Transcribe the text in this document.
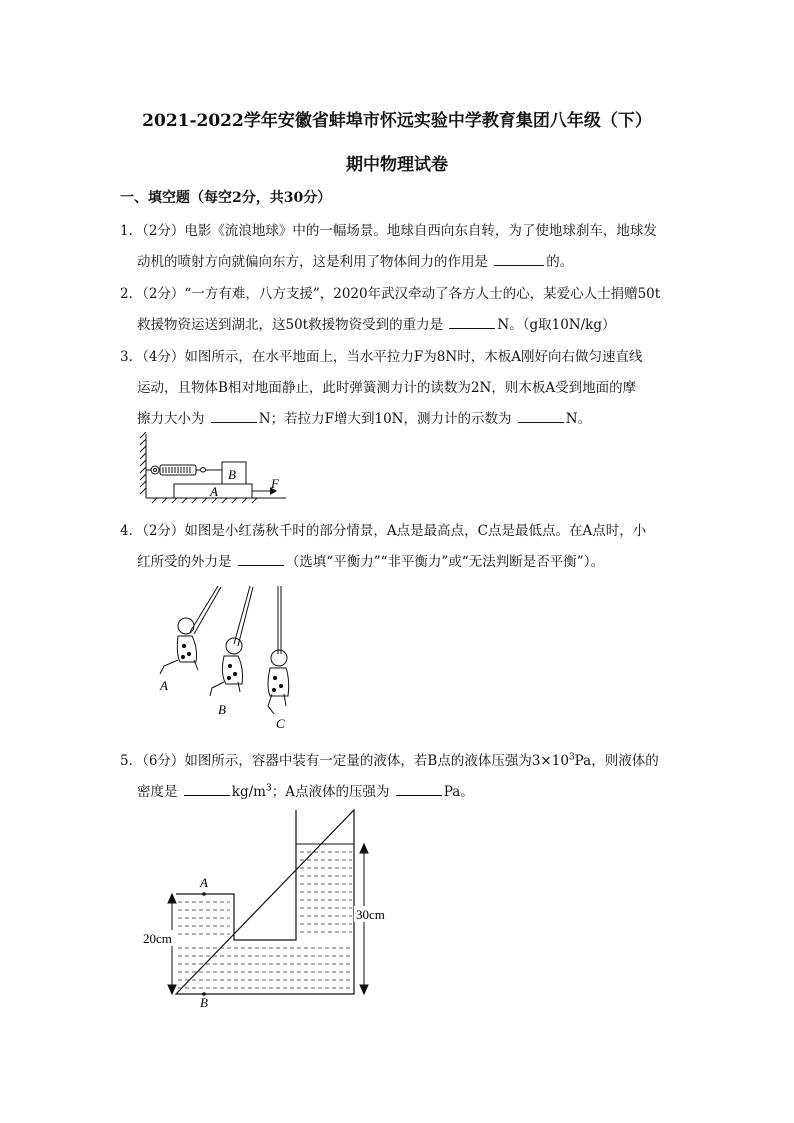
2021-2022学年安徽省蚌埠市怀远实验中学教育集团八年级（下）
期中物理试卷
一、填空题（每空2分，共30分）
1．（2分）电影《流浪地球》中的一幅场景。地球自西向东自转，为了使地球刹车，地球发
动机的喷射方向就偏向东方，这是利用了物体间力的作用是	的。
2．（2分）“一方有难，八方支援”，2020年武汉牵动了各方人士的心，某爱心人士捐赠50t
救援物资运送到湖北，这50t救援物资受到的重力是	N。（g取10N/kg）
3．（4分）如图所示，在水平地面上，当水平拉力F为8N时，木板A刚好向右做匀速直线
运动，且物体B相对地面静止，此时弹簧测力计的读数为2N，则木板A受到地面的摩
擦力大小为	N；若拉力F增大到10N，测力计的示数为	N。
B
A
F
4．（2分）如图是小红荡秋千时的部分情景，A点是最高点，C点是最低点。在A点时，小
红所受的外力是	（选填“平衡力”“非平衡力”或“无法判断是否平衡”）。
A
B
C
5．（6分）如图所示，容器中装有一定量的液体，若B点的液体压强为$3\times 10^3Pa$，则液体的
密度是	$kg/m^3$；A点液体的压强为	Pa。
A
B
20cm
30cm
